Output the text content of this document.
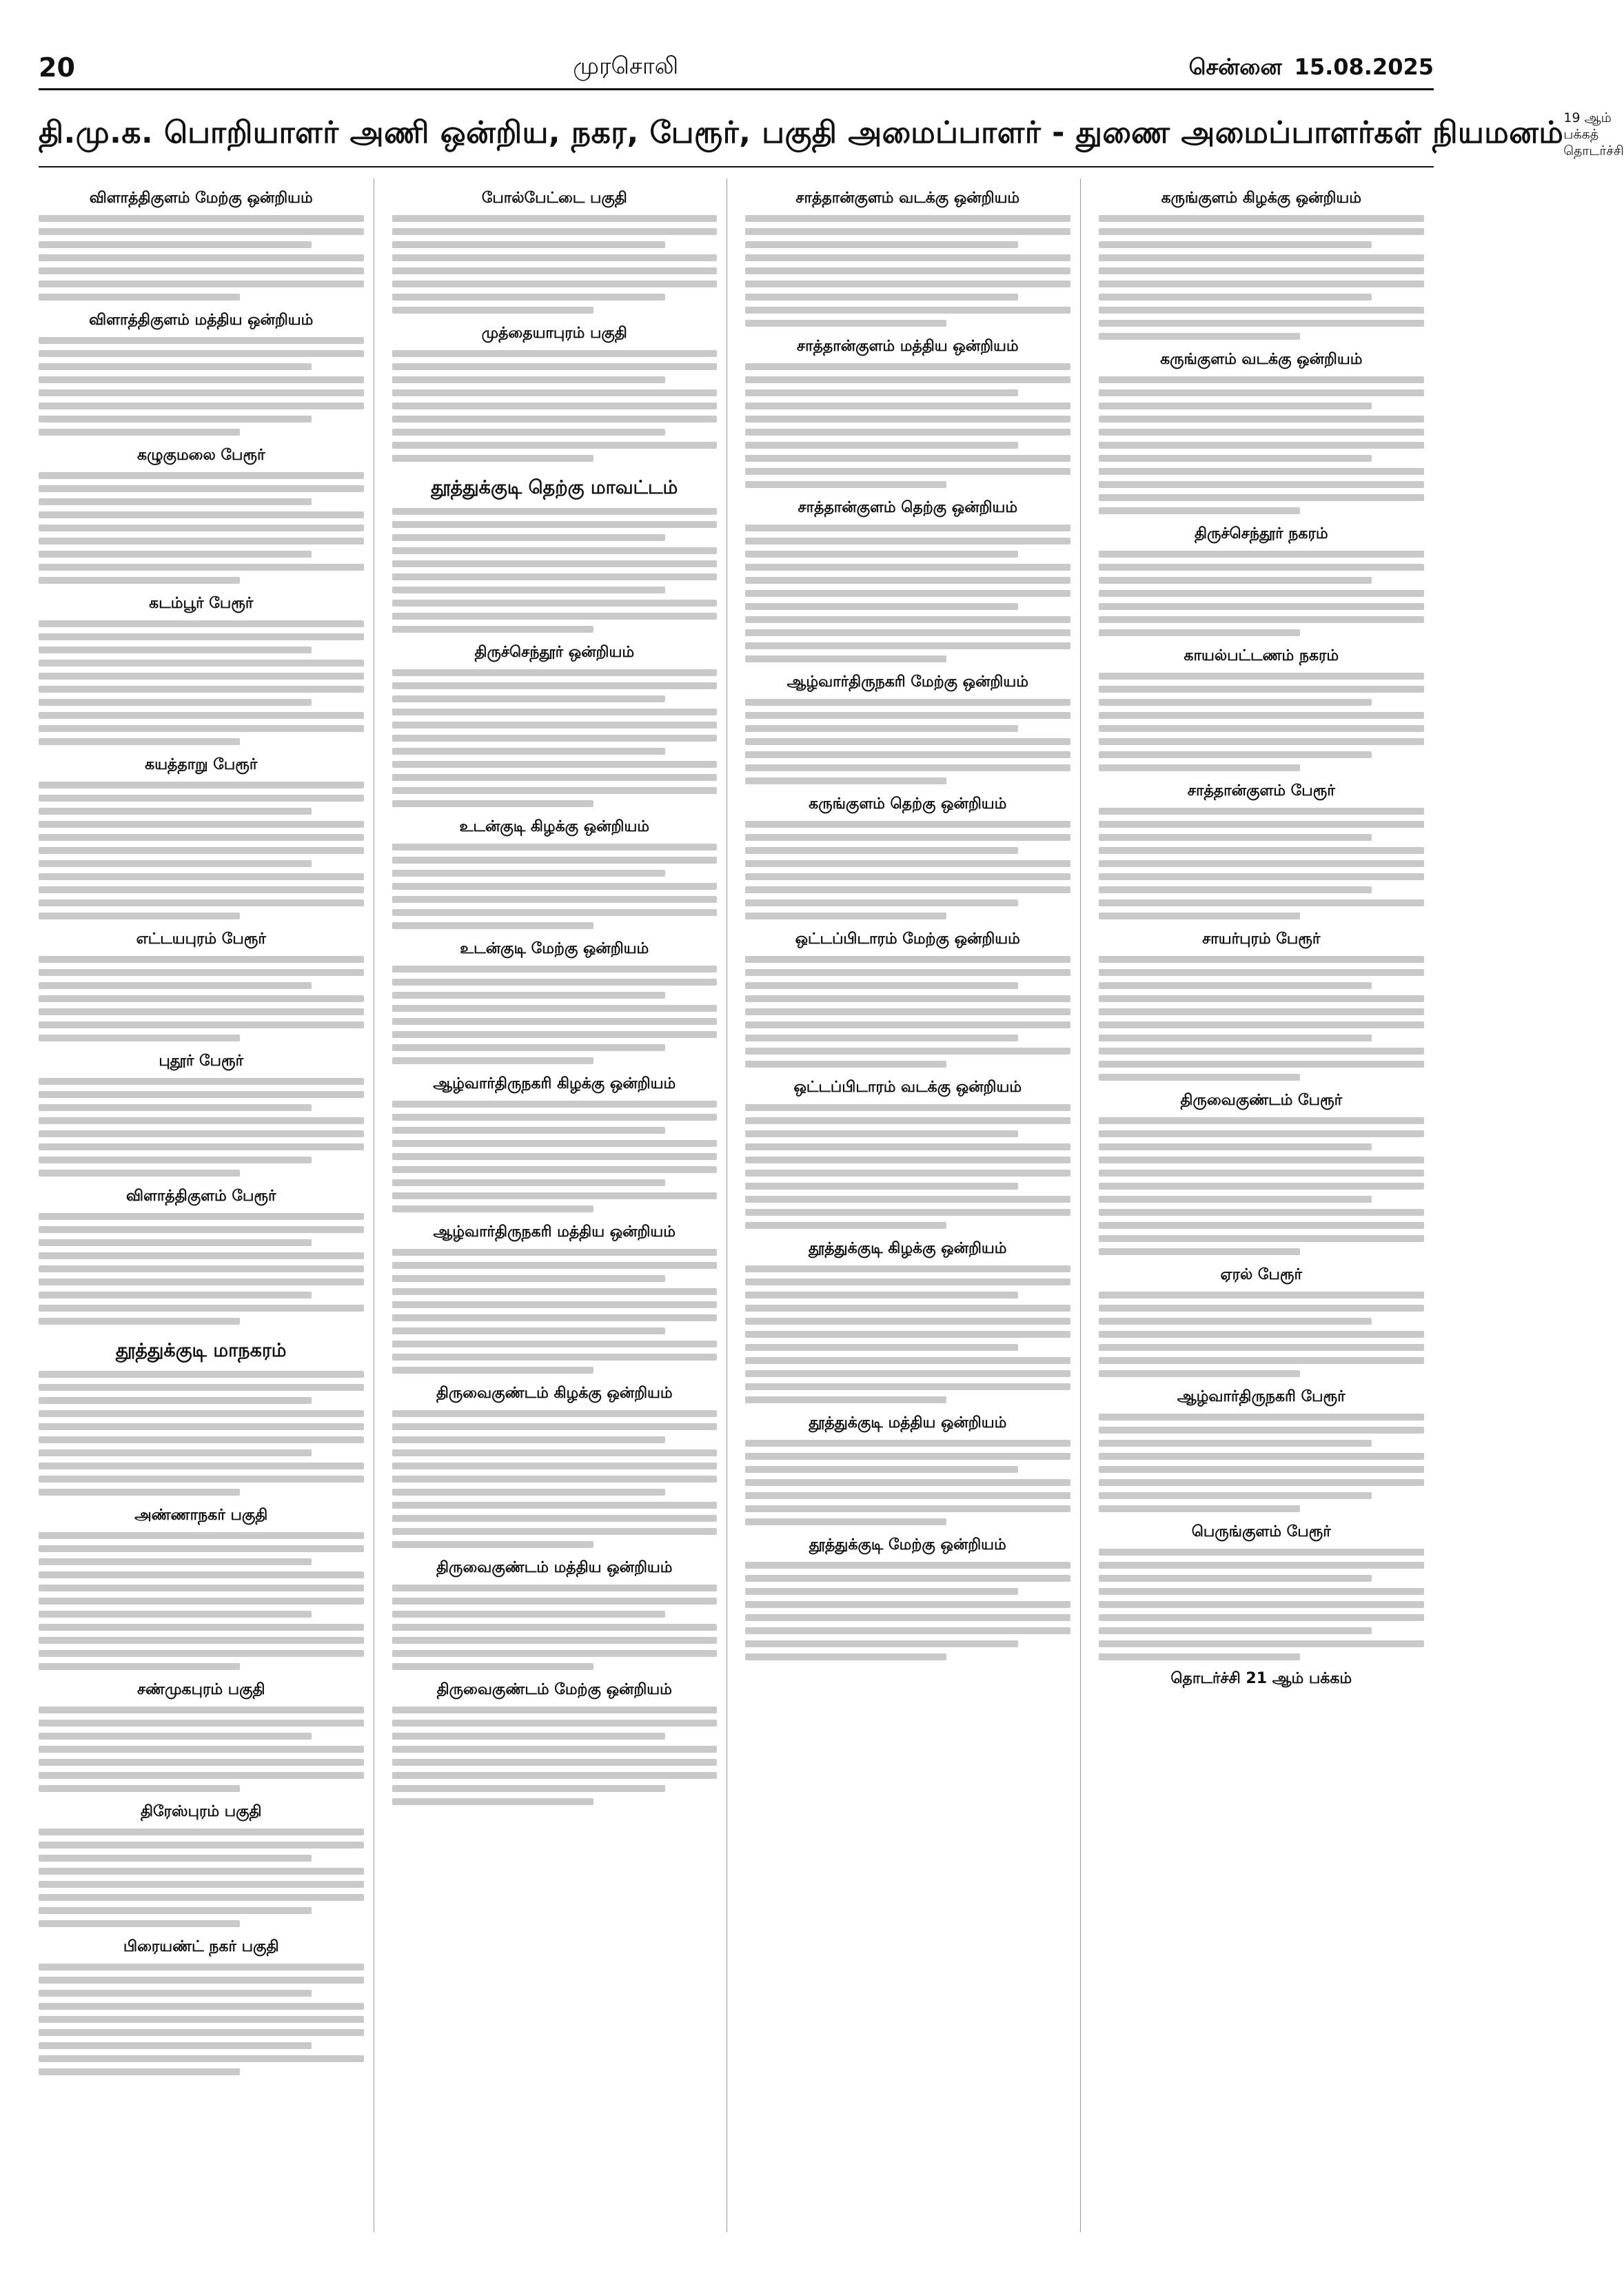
20	முரசொலி	சென்னை 15.08.2025
தி.மு.க. பொறியாளர் அணி ஒன்றிய, நகர, பேரூர், பகுதி அமைப்பாளர் - துணை அமைப்பாளர்கள் நியமனம் 19 ஆம் பக்கத் தொடர்ச்சி
விளாத்திகுளம் மேற்கு ஒன்றியம்
விளாத்திகுளம் மத்திய ஒன்றியம்
கழுகுமலை பேரூர்
கடம்பூர் பேரூர்
கயத்தாறு பேரூர்
எட்டயபுரம் பேரூர்
புதூர் பேரூர்
விளாத்திகுளம் பேரூர்
தூத்துக்குடி மாநகரம்
அண்ணாநகர் பகுதி
சண்முகபுரம் பகுதி
திரேஸ்புரம் பகுதி
பிரையண்ட் நகர் பகுதி
போல்பேட்டை பகுதி
முத்தையாபுரம் பகுதி
தூத்துக்குடி தெற்கு மாவட்டம்
திருச்செந்தூர் ஒன்றியம்
உடன்குடி கிழக்கு ஒன்றியம்
உடன்குடி மேற்கு ஒன்றியம்
ஆழ்வார்திருநகரி கிழக்கு ஒன்றியம்
ஆழ்வார்திருநகரி மத்திய ஒன்றியம்
திருவைகுண்டம் கிழக்கு ஒன்றியம்
திருவைகுண்டம் மத்திய ஒன்றியம்
திருவைகுண்டம் மேற்கு ஒன்றியம்
சாத்தான்குளம் வடக்கு ஒன்றியம்
சாத்தான்குளம் மத்திய ஒன்றியம்
சாத்தான்குளம் தெற்கு ஒன்றியம்
ஆழ்வார்திருநகரி மேற்கு ஒன்றியம்
கருங்குளம் தெற்கு ஒன்றியம்
ஒட்டப்பிடாரம் மேற்கு ஒன்றியம்
ஒட்டப்பிடாரம் வடக்கு ஒன்றியம்
தூத்துக்குடி கிழக்கு ஒன்றியம்
தூத்துக்குடி மத்திய ஒன்றியம்
தூத்துக்குடி மேற்கு ஒன்றியம்
கருங்குளம் கிழக்கு ஒன்றியம்
கருங்குளம் வடக்கு ஒன்றியம்
திருச்செந்தூர் நகரம்
காயல்பட்டணம் நகரம்
சாத்தான்குளம் பேரூர்
சாயர்புரம் பேரூர்
திருவைகுண்டம் பேரூர்
ஏரல் பேரூர்
ஆழ்வார்திருநகரி பேரூர்
பெருங்குளம் பேரூர்
தொடர்ச்சி 21 ஆம் பக்கம்
